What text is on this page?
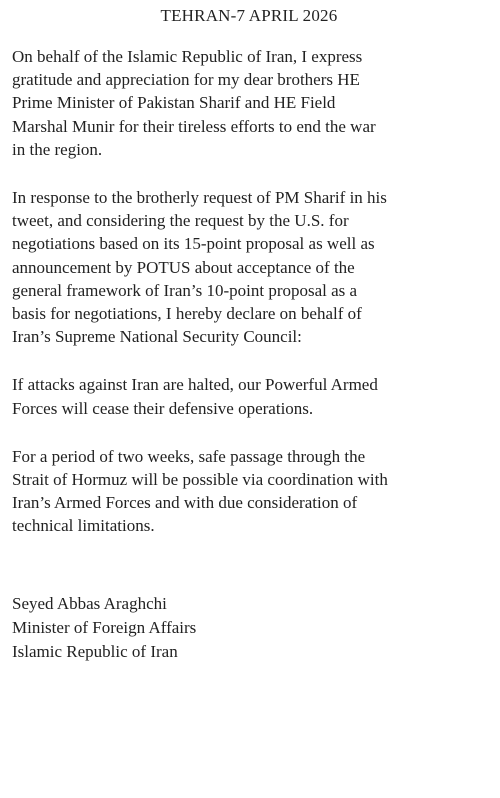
TEHRAN-7 APRIL 2026
On behalf of the Islamic Republic of Iran, I express
gratitude and appreciation for my dear brothers HE
Prime Minister of Pakistan Sharif and HE Field
Marshal Munir for their tireless efforts to end the war
in the region.
In response to the brotherly request of PM Sharif in his
tweet, and considering the request by the U.S. for
negotiations based on its 15-point proposal as well as
announcement by POTUS about acceptance of the
general framework of Iran’s 10-point proposal as a
basis for negotiations, I hereby declare on behalf of
Iran’s Supreme National Security Council:
If attacks against Iran are halted, our Powerful Armed
Forces will cease their defensive operations.
For a period of two weeks, safe passage through the
Strait of Hormuz will be possible via coordination with
Iran’s Armed Forces and with due consideration of
technical limitations.
Seyed Abbas Araghchi
Minister of Foreign Affairs
Islamic Republic of Iran
